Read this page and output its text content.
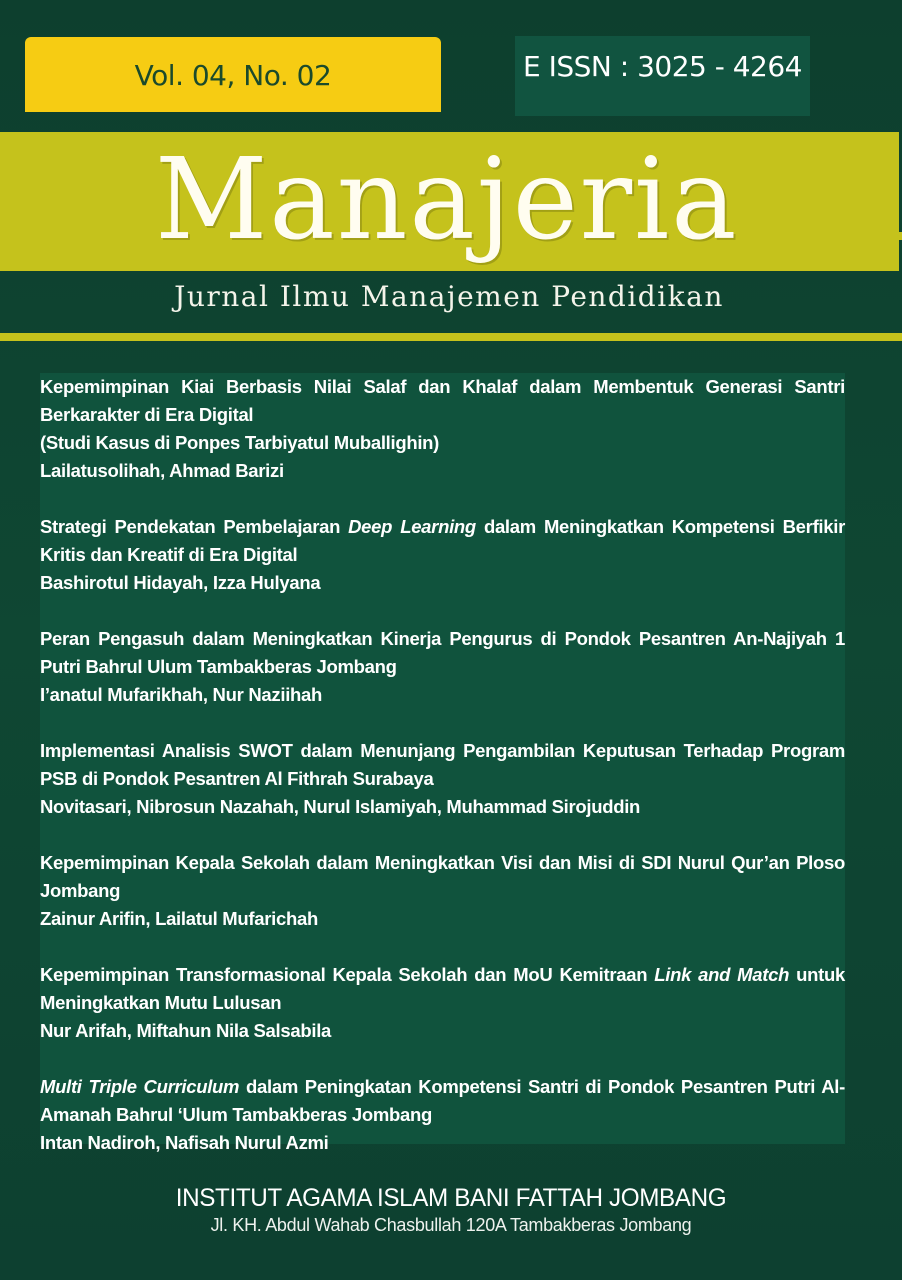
Vol. 04, No. 02	E ISSN : 3025 - 4264
Manajeria
Jurnal Ilmu Manajemen Pendidikan
Kepemimpinan Kiai Berbasis Nilai Salaf dan Khalaf dalam Membentuk Generasi Santri Berkarakter di Era Digital
(Studi Kasus di Ponpes Tarbiyatul Muballighin)
Lailatusolihah, Ahmad Barizi
Strategi Pendekatan Pembelajaran Deep Learning dalam Meningkatkan Kompetensi Berfikir Kritis dan Kreatif di Era Digital
Bashirotul Hidayah, Izza Hulyana
Peran Pengasuh dalam Meningkatkan Kinerja Pengurus di Pondok Pesantren An-Najiyah 1 Putri Bahrul Ulum Tambakberas Jombang
I’anatul Mufarikhah, Nur Naziihah
Implementasi Analisis SWOT dalam Menunjang Pengambilan Keputusan Terhadap Program PSB di Pondok Pesantren Al Fithrah Surabaya
Novitasari, Nibrosun Nazahah, Nurul Islamiyah, Muhammad Sirojuddin
Kepemimpinan Kepala Sekolah dalam Meningkatkan Visi dan Misi di SDI Nurul Qur’an Ploso Jombang
Zainur Arifin, Lailatul Mufarichah
Kepemimpinan Transformasional Kepala Sekolah dan MoU Kemitraan Link and Match untuk Meningkatkan Mutu Lulusan
Nur Arifah, Miftahun Nila Salsabila
Multi Triple Curriculum dalam Peningkatan Kompetensi Santri di Pondok Pesantren Putri Al-Amanah Bahrul ‘Ulum Tambakberas Jombang
Intan Nadiroh, Nafisah Nurul Azmi
INSTITUT AGAMA ISLAM BANI FATTAH JOMBANG
Jl. KH. Abdul Wahab Chasbullah 120A Tambakberas Jombang
